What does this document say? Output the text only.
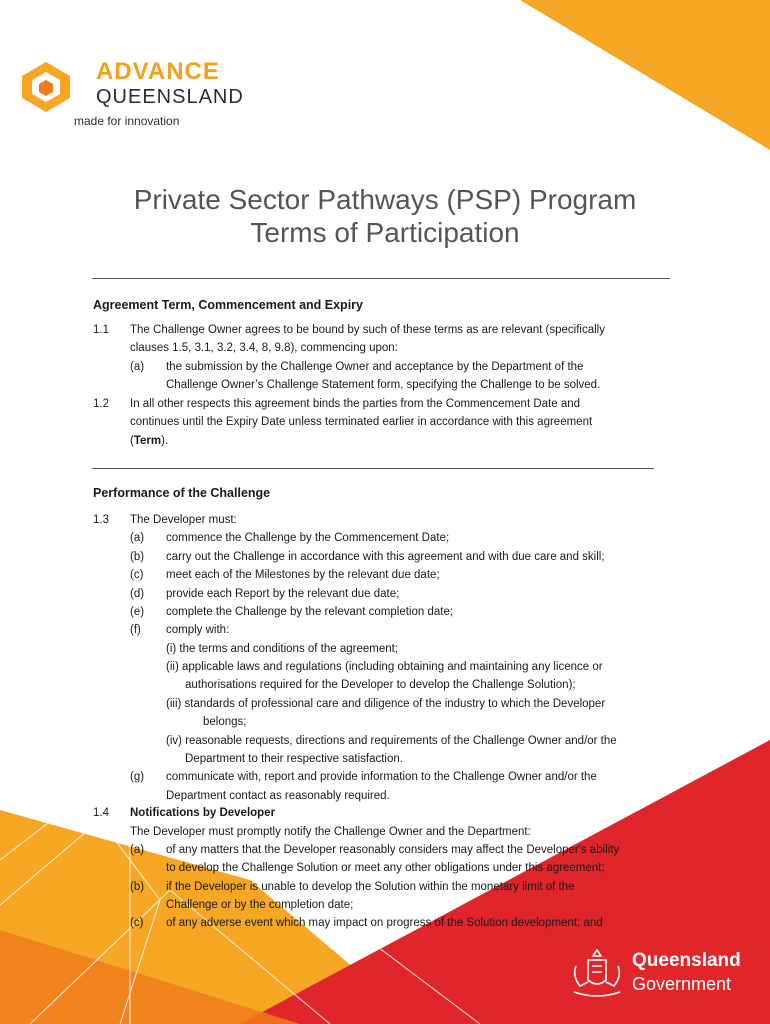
ADVANCE
QUEENSLAND
made for innovation
Private Sector Pathways (PSP) Program
Terms of Participation
Agreement Term, Commencement and Expiry
1.1 The Challenge Owner agrees to be bound by such of these terms as are relevant (specifically
clauses 1.5, 3.1, 3.2, 3.4, 8, 9.8), commencing upon:
(a) the submission by the Challenge Owner and acceptance by the Department of the
Challenge Owner’s Challenge Statement form, specifying the Challenge to be solved.
1.2 In all other respects this agreement binds the parties from the Commencement Date and
continues until the Expiry Date unless terminated earlier in accordance with this agreement
(Term).
Performance of the Challenge
1.3 The Developer must:
(a) commence the Challenge by the Commencement Date;
(b) carry out the Challenge in accordance with this agreement and with due care and skill;
(c) meet each of the Milestones by the relevant due date;
(d) provide each Report by the relevant due date;
(e) complete the Challenge by the relevant completion date;
(f) comply with:
(i) the terms and conditions of the agreement;
(ii) applicable laws and regulations (including obtaining and maintaining any licence or
authorisations required for the Developer to develop the Challenge Solution);
(iii) standards of professional care and diligence of the industry to which the Developer
belongs;
(iv) reasonable requests, directions and requirements of the Challenge Owner and/or the
Department to their respective satisfaction.
(g) communicate with, report and provide information to the Challenge Owner and/or the
Department contact as reasonably required.
1.4 Notifications by Developer
The Developer must promptly notify the Challenge Owner and the Department:
(a) of any matters that the Developer reasonably considers may affect the Developer's ability
to develop the Challenge Solution or meet any other obligations under this agreement;
(b) if the Developer is unable to develop the Solution within the monetary limit of the
Challenge or by the completion date;
(c) of any adverse event which may impact on progress of the Solution development; and
Queensland
Government
